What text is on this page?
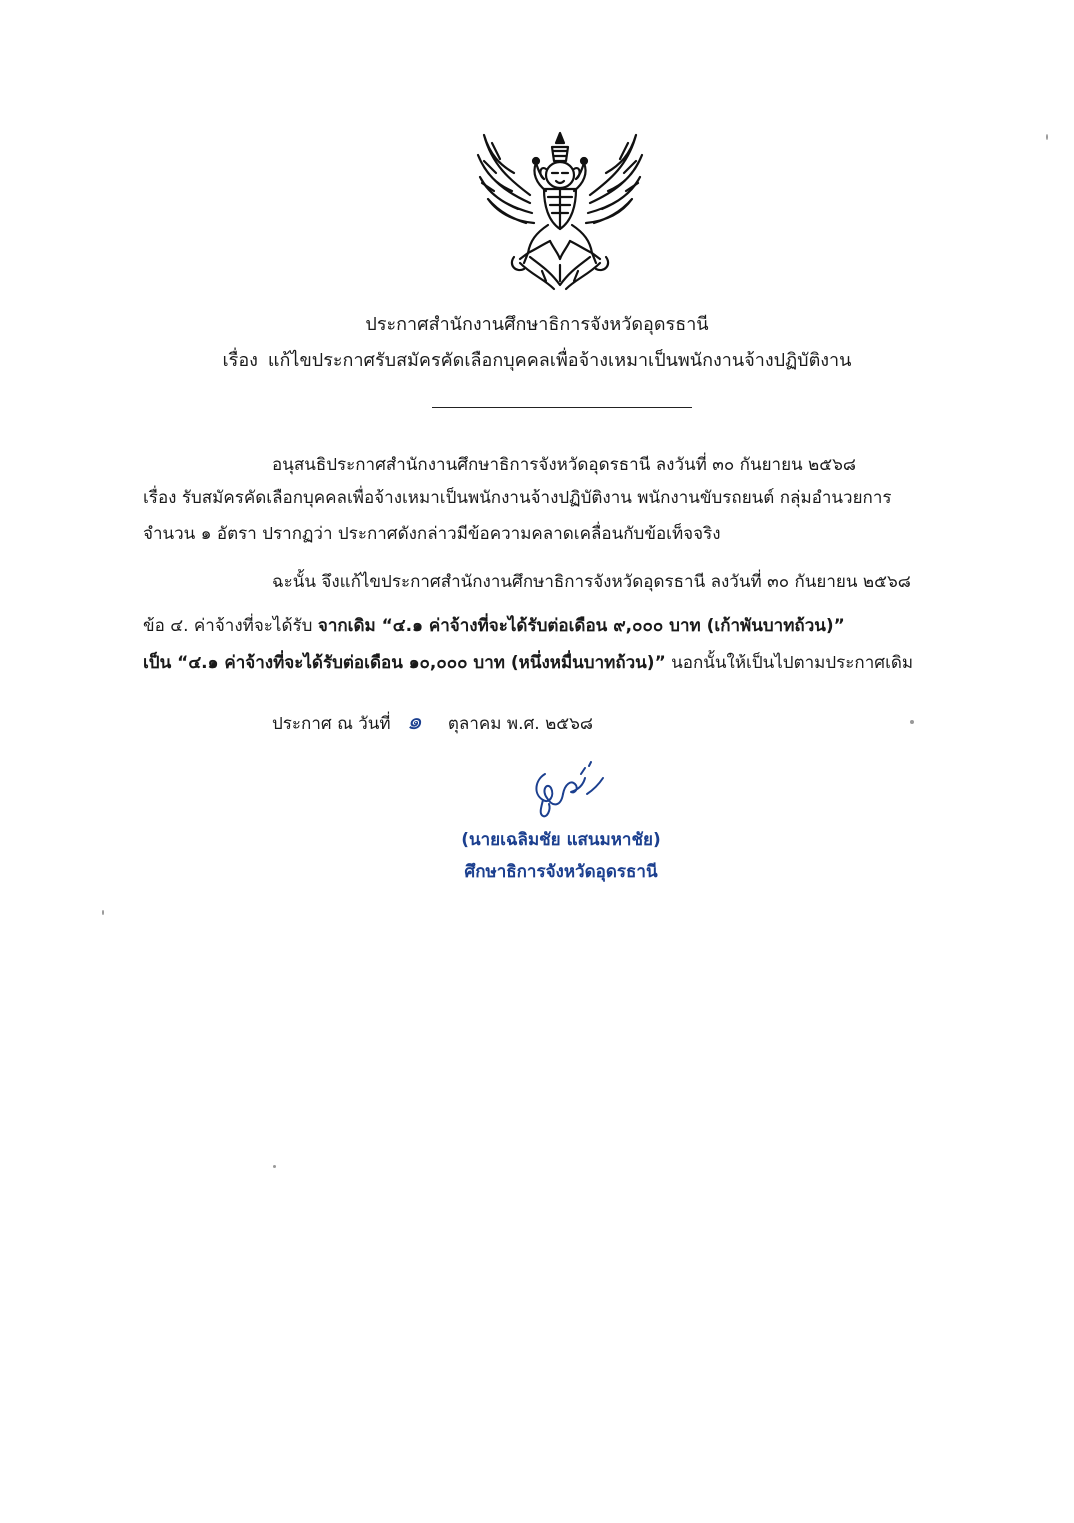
ประกาศสำนักงานศึกษาธิการจังหวัดอุดรธานี
เรื่อง แก้ไขประกาศรับสมัครคัดเลือกบุคคลเพื่อจ้างเหมาเป็นพนักงานจ้างปฏิบัติงาน
อนุสนธิประกาศสำนักงานศึกษาธิการจังหวัดอุดรธานี ลงวันที่ ๓๐ กันยายน ๒๕๖๘
เรื่อง รับสมัครคัดเลือกบุคคลเพื่อจ้างเหมาเป็นพนักงานจ้างปฏิบัติงาน พนักงานขับรถยนต์ กลุ่มอำนวยการ
จำนวน ๑ อัตรา ปรากฏว่า ประกาศดังกล่าวมีข้อความคลาดเคลื่อนกับข้อเท็จจริง
ฉะนั้น จึงแก้ไขประกาศสำนักงานศึกษาธิการจังหวัดอุดรธานี ลงวันที่ ๓๐ กันยายน ๒๕๖๘
ข้อ ๔. ค่าจ้างที่จะได้รับ จากเดิม “๔.๑ ค่าจ้างที่จะได้รับต่อเดือน ๙,๐๐๐ บาท (เก้าพันบาทถ้วน)”
เป็น “๔.๑ ค่าจ้างที่จะได้รับต่อเดือน ๑๐,๐๐๐ บาท (หนึ่งหมื่นบาทถ้วน)” นอกนั้นให้เป็นไปตามประกาศเดิม
ประกาศ ณ วันที่ ๑ ตุลาคม พ.ศ. ๒๕๖๘
(นายเฉลิมชัย แสนมหาชัย)
ศึกษาธิการจังหวัดอุดรธานี
